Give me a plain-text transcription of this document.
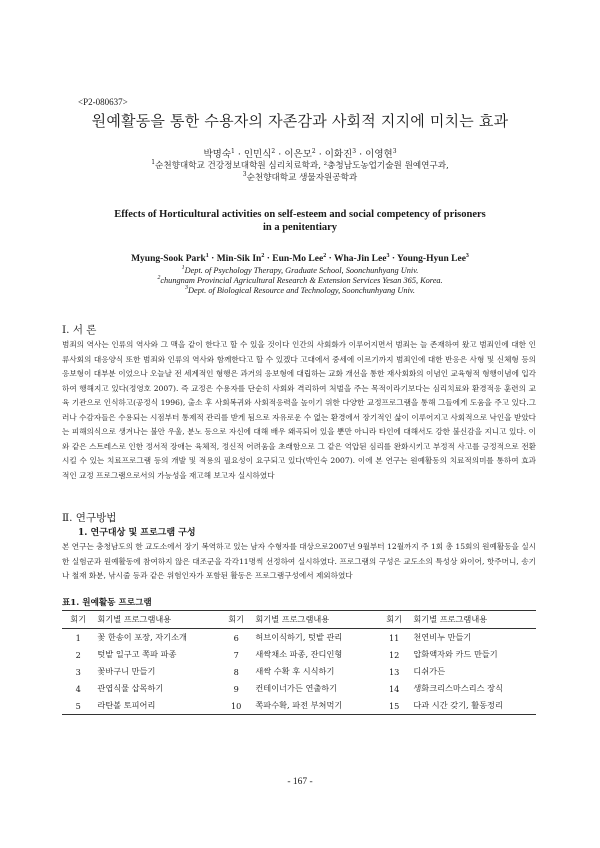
<P2-080637>
원예활동을 통한 수용자의 자존감과 사회적 지지에 미치는 효과
박명숙$^1$ · 인민식$^2$ · 이은모$^2$ · 이화진$^3$ · 이영현$^3$
$^1$순천향대학교 건강정보대학원 심리치료학과, ²충청남도농업기술원 원예연구과,
$^3$순천향대학교 생물자원공학과
Effects of Horticultural activities on self-esteem and social competency of prisoners
in a penitentiary
Myung-Sook Park$^1$ · Min-Sik $In^2 \cdot Eun-Mo$ Lee$^2$ · Wha-Jin Lee$^3$ · Young-Hyun Lee$^3$
$^1$Dept. of Psychology Therapy, Graduate School, Soonchunhyang Univ.
$^2$chungnam Provincial Agricultural Research & Extension Services Yesan 365, Korea.
$^3$Dept. of Biological Resource and Technology, Soonchunhyang Univ.
Ⅰ. 서 론
범죄의 역사는 인류의 역사와 그 맥을 같이 한다고 할 수 있을 것이다 인간의 사회화가 이루어지면서 범죄는 늘 존재하여 왔고 범죄인에 대한 인류사회의 대응양식 또한 범죄와 인류의 역사와 함께한다고 할 수 있겠다 고대에서 중세에 이르기까지 범죄인에 대한 반응은 사형 및 신체형 등의 응보형이 대부분 이었으나 오늘날 전 세계적인 형행은 과거의 응보형에 대립하는 교화 개선을 통한 재사회화의 이념인 교육형적 형행이념에 입각하여 행해지고 있다(정영호 2007). 즉 교정은 수용자를 단순히 사회와 격리하여 처벌을 주는 목적이라기보다는 심리치료와 환경적응 훈련의 교육 기관으로 인식하고(공정식 1996), 출소 후 사회복귀와 사회적응력을 높이기 위한 다양한 교정프로그램을 통해 그들에게 도움을 주고 있다.그러나 수감자들은 수용되는 시점부터 통제적 관리를 받게 됨으로 자유로운 수 없는 환경에서 장기적인 삶이 이루어지고 사회적으로 낙인을 받았다는 피해의식으로 생겨나는 불안 우울, 분노 등으로 자신에 대해 배우 왜곡되어 있을 뿐만 아니라 타인에 대해서도 강한 불신감을 지니고 있다. 이와 같은 스트레스로 인한 정서적 장애는 육체적, 정신적 어려움을 초래함으로 그 같은 억압된 심리를 완화시키고 부정적 사고를 긍정적으로 전환시킬 수 있는 치료프로그램 등의 개발 및 적용의 필요성이 요구되고 있다(박인숙 2007). 이에 본 연구는 원예활동의 치료적의미를 통하여 효과적인 교정 프로그램으로서의 가능성을 재고해 보고자 실시하였다
Ⅱ. 연구방법
1. 연구대상 및 프로그램 구성
본 연구는 충청남도의 한 교도소에서 장기 복역하고 있는 남자 수형자를 대상으로2007년 9월부터 12월까지 주 1회 총 15회의 원예활동을 실시한 실험군과 원예활동에 참여하지 않은 대조군을 각각11명씩 선정하여 실시하였다. 프로그램의 구성은 교도소의 특성상 와이어, 핫주머니, 송기나 철재 화분, 낚시줄 등과 같은 위험인자가 포함된 활동은 프로그램구성에서 제외하였다
표1. 원예활동 프로그램
회기	회기별 프로그램내용	회기	회기별 프로그램내용	회기	회기별 프로그램내용
1	꽃 한송이 포장, 자기소개	6	허브이식하기, 텃밭 관리	11	천연비누 만들기
2	텃밭 일구고 쪽파 파종	7	새싹채소 파종, 잔디인형	12	압화액자와 카드 만들기
3	꽃바구니 만들기	8	새싹 수확 후 시식하기	13	디쉬가든
4	관엽식물 삽목하기	9	컨테이너가든 연출하기	14	생화크리스마스리스 장식
5	라탄볼 토피어리	10	쪽파수확, 파전 부쳐먹기	15	다과 시간 갖기, 활동정리
- 167 -
